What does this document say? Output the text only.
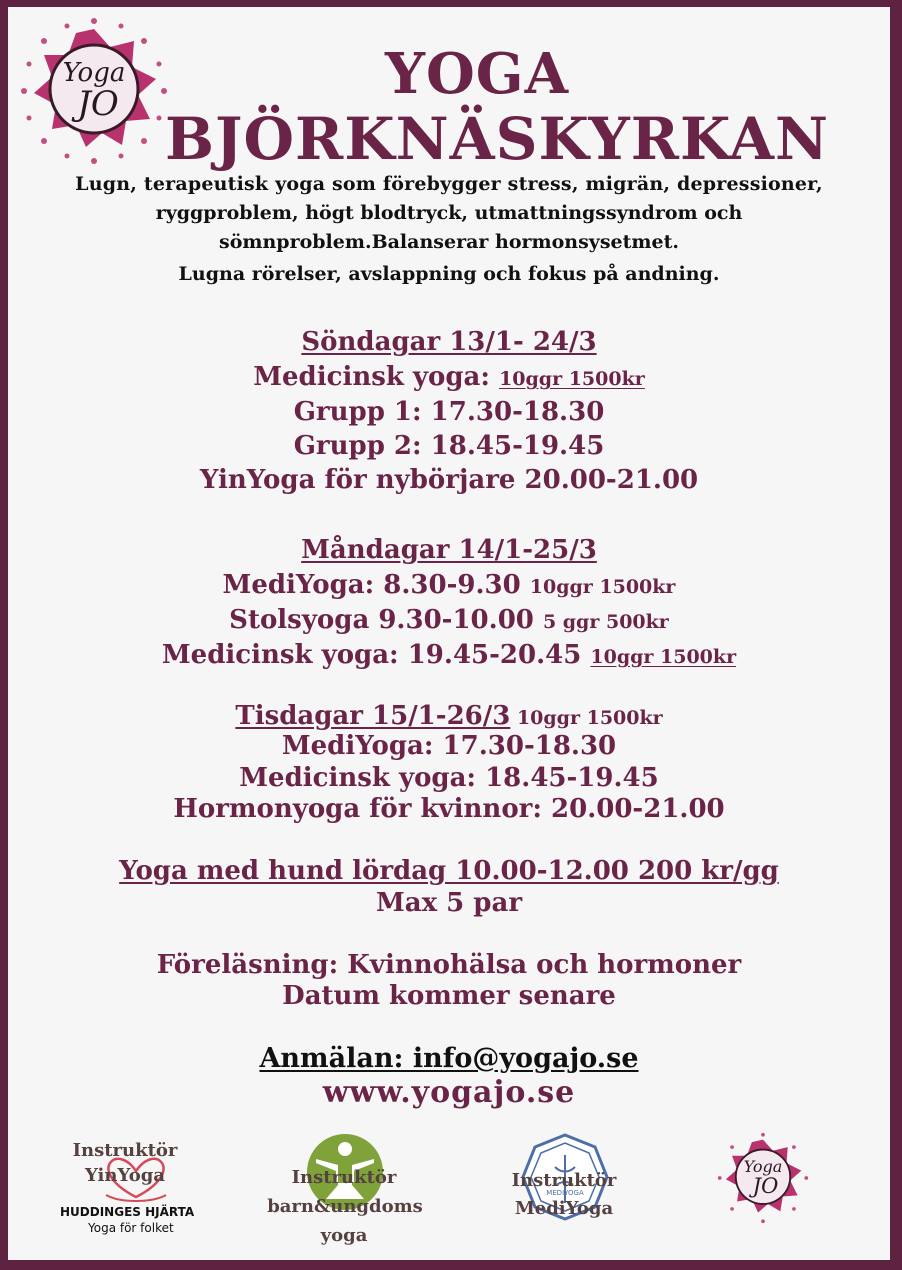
Yoga
JO	YOGA
BJÖRKNÄSKYRKAN
Lugn, terapeutisk yoga som förebygger stress, migrän, depressioner,
ryggproblem, högt blodtryck, utmattningssyndrom och
sömnproblem.Balanserar hormonsysetmet.
Lugna rörelser, avslappning och fokus på andning.
Söndagar 13/1- 24/3
Medicinsk yoga: 10ggr 1500kr
Grupp 1: 17.30-18.30
Grupp 2: 18.45-19.45
YinYoga för nybörjare 20.00-21.00
Måndagar 14/1-25/3
MediYoga: 8.30-9.30 10ggr 1500kr
Stolsyoga 9.30-10.00 5 ggr 500kr
Medicinsk yoga: 19.45-20.45 10ggr 1500kr
Tisdagar 15/1-26/3 10ggr 1500kr
MediYoga: 17.30-18.30
Medicinsk yoga: 18.45-19.45
Hormonyoga för kvinnor: 20.00-21.00
Yoga med hund lördag 10.00-12.00 200 kr/gg
Max 5 par
Föreläsning: Kvinnohälsa och hormoner
Datum kommer senare
Anmälan: info@yogajo.se
www.yogajo.se
Instruktör
YinYoga
HUDDINGES HJÄRTA
Yoga för folket
Instruktör
barn&ungdoms
yoga
MEDIYOGA
Instruktör
MediYoga
Yoga
JO
